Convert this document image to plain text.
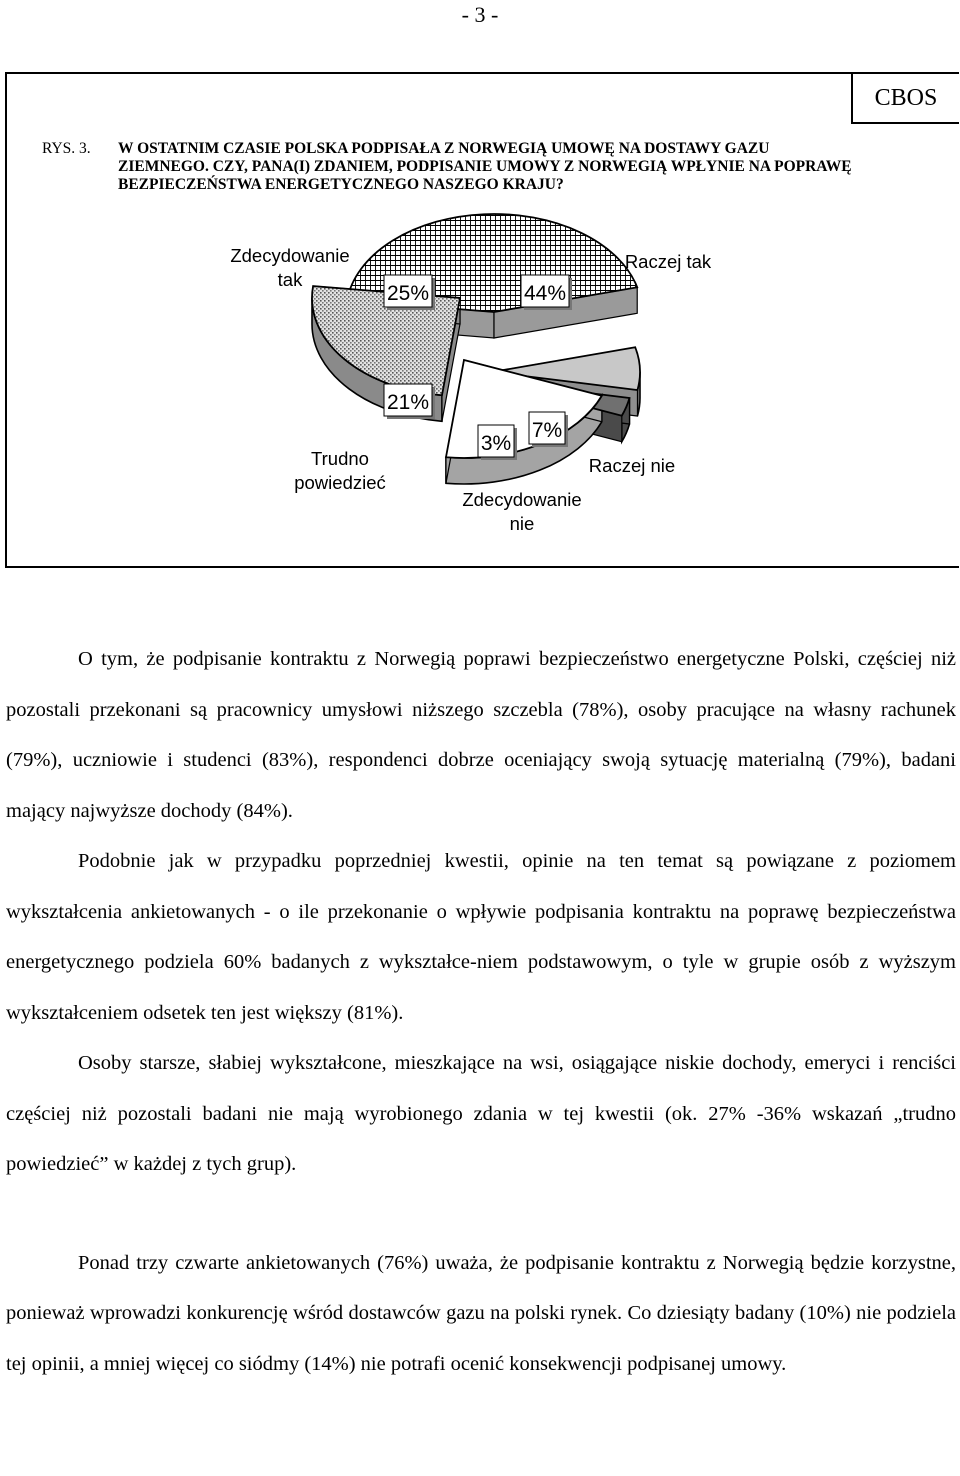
- 3 -
CBOS
RYS. 3.	W OSTATNIM CZASIE POLSKA PODPISAŁA Z NORWEGIĄ UMOWĘ NA DOSTAWY GAZU ZIEMNEGO. CZY, PANA(I) ZDANIEM, PODPISANIE UMOWY Z NORWEGIĄ WPŁYNIE NA POPRAWĘ BEZPIECZEŃSTWA ENERGETYCZNEGO NASZEGO KRAJU?
44%
Raczej tak
7%
Raczej nie
3%
Zdecydowanie
nie
21%
Trudno
powiedzieć
25%
Zdecydowanie
tak

O tym, że podpisanie kontraktu z Norwegią poprawi bezpieczeństwo energetyczne Polski, częściej niż pozostali przekonani są pracownicy umysłowi niższego szczebla (78%), osoby pracujące na własny rachunek (79%), uczniowie i studenci (83%), respondenci dobrze oceniający swoją sytuację materialną (79%), badani mający najwyższe dochody (84%).

Podobnie jak w przypadku poprzedniej kwestii, opinie na ten temat są powiązane z poziomem wykształcenia ankietowanych - o ile przekonanie o wpływie podpisania kontraktu na poprawę bezpieczeństwa energetycznego podziela 60% badanych z wykształce-niem podstawowym, o tyle w grupie osób z wyższym wykształceniem odsetek ten jest większy (81%).

Osoby starsze, słabiej wykształcone, mieszkające na wsi, osiągające niskie dochody, emeryci i renciści częściej niż pozostali badani nie mają wyrobionego zdania w tej kwestii (ok. 27% -36% wskazań „trudno powiedzieć” w każdej z tych grup).

Ponad trzy czwarte ankietowanych (76%) uważa, że podpisanie kontraktu z Norwegią będzie korzystne, ponieważ wprowadzi konkurencję wśród dostawców gazu na polski rynek. Co dziesiąty badany (10%) nie podziela tej opinii, a mniej więcej co siódmy (14%) nie potrafi ocenić konsekwencji podpisanej umowy.
